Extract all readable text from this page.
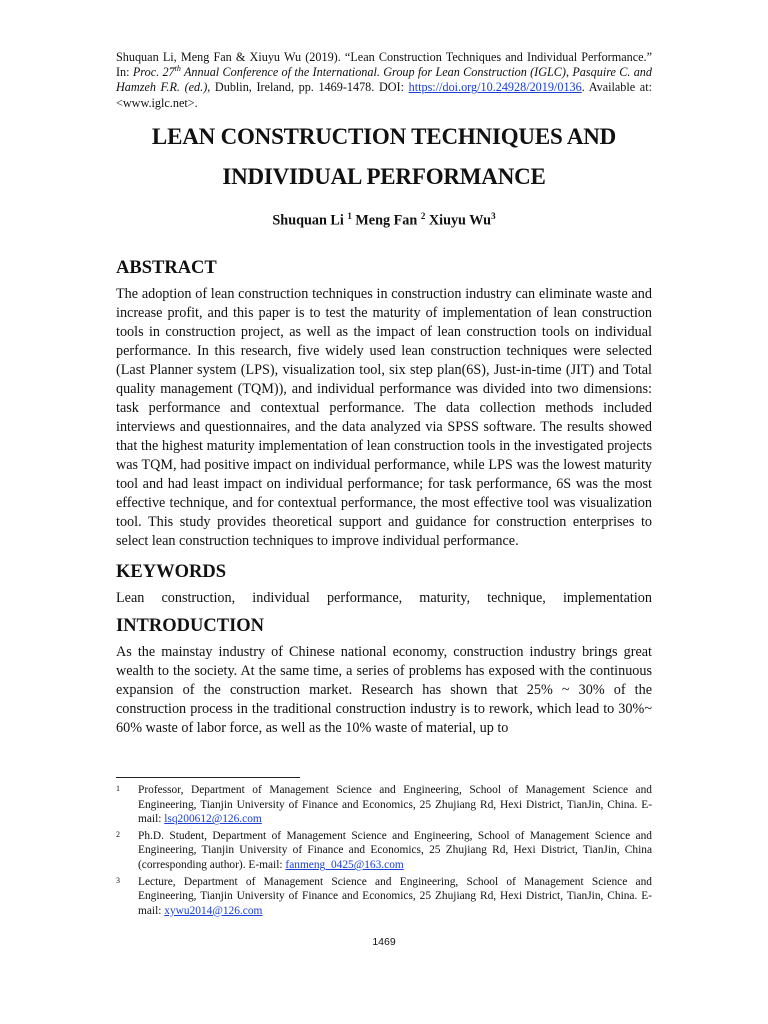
Shuquan Li, Meng Fan & Xiuyu Wu (2019). “Lean Construction Techniques and Individual Performance.” In: Proc. 27th Annual Conference of the International. Group for Lean Construction (IGLC), Pasquire C. and Hamzeh F.R. (ed.), Dublin, Ireland, pp. 1469-1478. DOI: https://doi.org/10.24928/2019/0136. Available at: <www.iglc.net>.
LEAN CONSTRUCTION TECHNIQUES AND
INDIVIDUAL PERFORMANCE
Shuquan Li $^1$ Meng Fan $^2$ Xiuyu Wu$^3$
ABSTRACT
The adoption of lean construction techniques in construction industry can eliminate waste and increase profit, and this paper is to test the maturity of implementation of lean construction tools in construction project, as well as the impact of lean construction tools on individual performance. In this research, five widely used lean construction techniques were selected (Last Planner system (LPS), visualization tool, six step plan(6S), Just-in-time (JIT) and Total quality management (TQM)), and individual performance was divided into two dimensions: task performance and contextual performance. The data collection methods included interviews and questionnaires, and the data analyzed via SPSS software. The results showed that the highest maturity implementation of lean construction tools in the investigated projects was TQM, had positive impact on individual performance, while LPS was the lowest maturity tool and had least impact on individual performance; for task performance, 6S was the most effective technique, and for contextual performance, the most effective tool was visualization tool. This study provides theoretical support and guidance for construction enterprises to select lean construction techniques to improve individual performance.
KEYWORDS
Lean construction, individual performance, maturity, technique, implementation
INTRODUCTION
As the mainstay industry of Chinese national economy, construction industry brings great wealth to the society. At the same time, a series of problems has exposed with the continuous expansion of the construction market. Research has shown that 25% ~ 30% of the construction process in the traditional construction industry is to rework, which lead to 30%~ 60% waste of labor force, as well as the 10% waste of material, up to
1	Professor, Department of Management Science and Engineering, School of Management Science and Engineering, Tianjin University of Finance and Economics, 25 Zhujiang Rd, Hexi District, TianJin, China. E-mail: lsq200612@126.com
2	Ph.D. Student, Department of Management Science and Engineering, School of Management Science and Engineering, Tianjin University of Finance and Economics, 25 Zhujiang Rd, Hexi District, TianJin, China (corresponding author). E-mail: fanmeng_0425@163.com
3	Lecture, Department of Management Science and Engineering, School of Management Science and Engineering, Tianjin University of Finance and Economics, 25 Zhujiang Rd, Hexi District, TianJin, China. E-mail: xywu2014@126.com
1469
